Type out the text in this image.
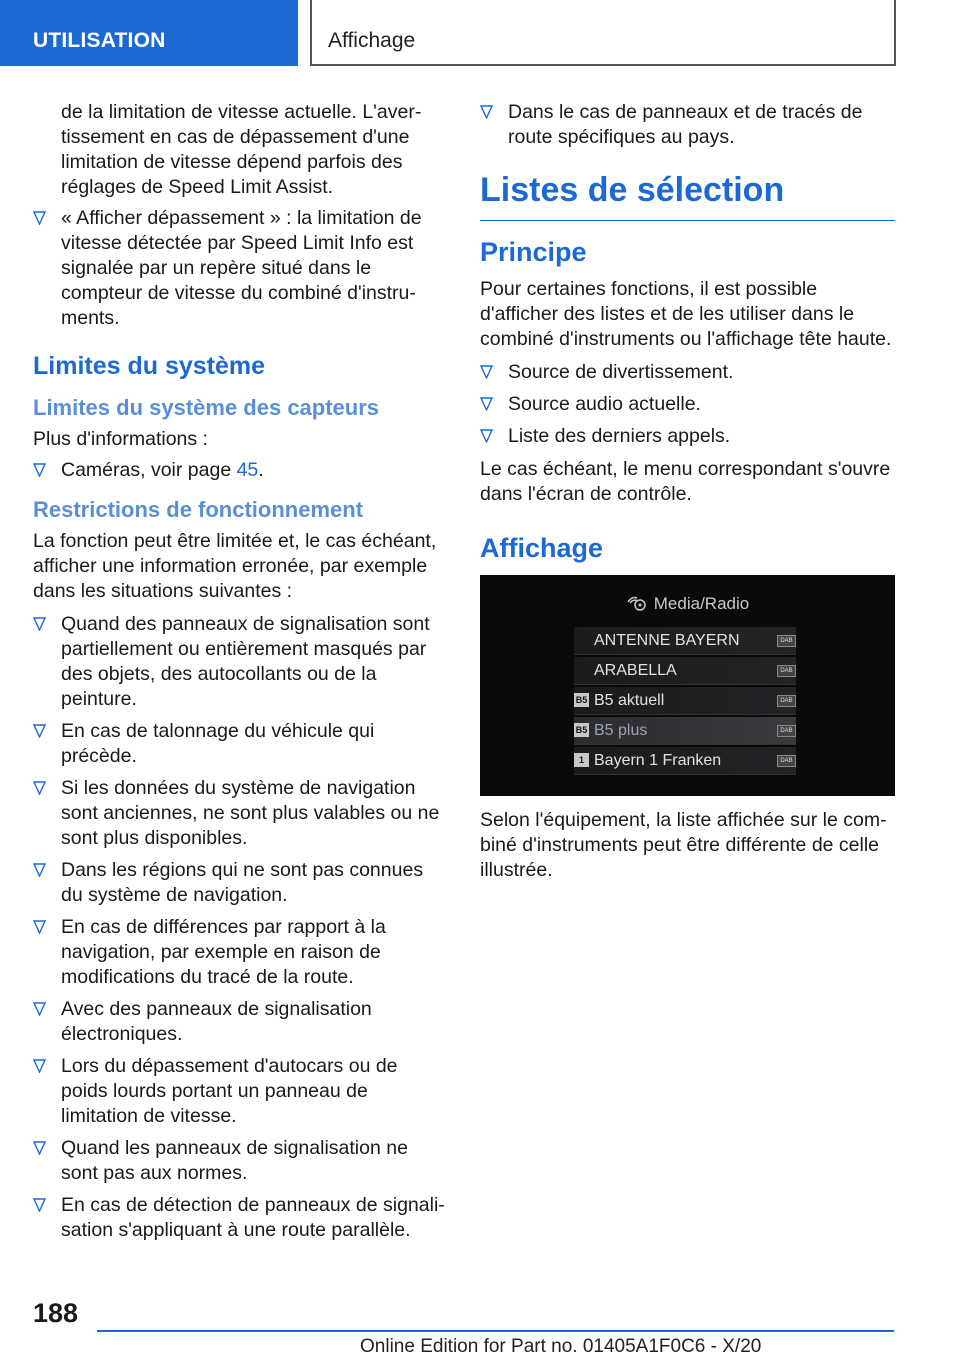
UTILISATION	Affichage

de la limitation de vitesse actuelle. L'avertissement en cas de dépassement d'une limitation de vitesse dépend parfois des réglages de Speed Limit Assist.

« Afficher dépassement » : la limitation de vitesse détectée par Speed Limit Info est signalée par un repère situé dans le compteur de vitesse du combiné d'instruments.
Limites du système
Limites du système des capteurs

Plus d'informations :

Caméras, voir page 45.
Restrictions de fonctionnement

La fonction peut être limitée et, le cas échéant, afficher une information erronée, par exemple dans les situations suivantes :

Quand des panneaux de signalisation sont partiellement ou entièrement masqués par des objets, des autocollants ou de la peinture.
En cas de talonnage du véhicule qui précède.
Si les données du système de navigation sont anciennes, ne sont plus valables ou ne sont plus disponibles.
Dans les régions qui ne sont pas connues du système de navigation.
En cas de différences par rapport à la navigation, par exemple en raison de modifications du tracé de la route.
Avec des panneaux de signalisation électroniques.
Lors du dépassement d'autocars ou de poids lourds portant un panneau de limitation de vitesse.
Quand les panneaux de signalisation ne sont pas aux normes.
En cas de détection de panneaux de signalisation s'appliquant à une route parallèle.
Dans le cas de panneaux et de tracés de route spécifiques au pays.
Listes de sélection
Principe

Pour certaines fonctions, il est possible d'afficher des listes et de les utiliser dans le combiné d'instruments ou l'affichage tête haute.

Source de divertissement.
Source audio actuelle.
Liste des derniers appels.

Le cas échéant, le menu correspondant s'ouvre dans l'écran de contrôle.

Affichage
Media/Radio
ANTENNE BAYERN	DAB
ARABELLA	DAB
B5 B5 aktuell	DAB
B5 B5 plus	DAB
1 Bayern 1 Franken	DAB

Selon l'équipement, la liste affichée sur le combiné d'instruments peut être différente de celle illustrée.

188
Online Edition for Part no. 01405A1F0C6 - X/20
